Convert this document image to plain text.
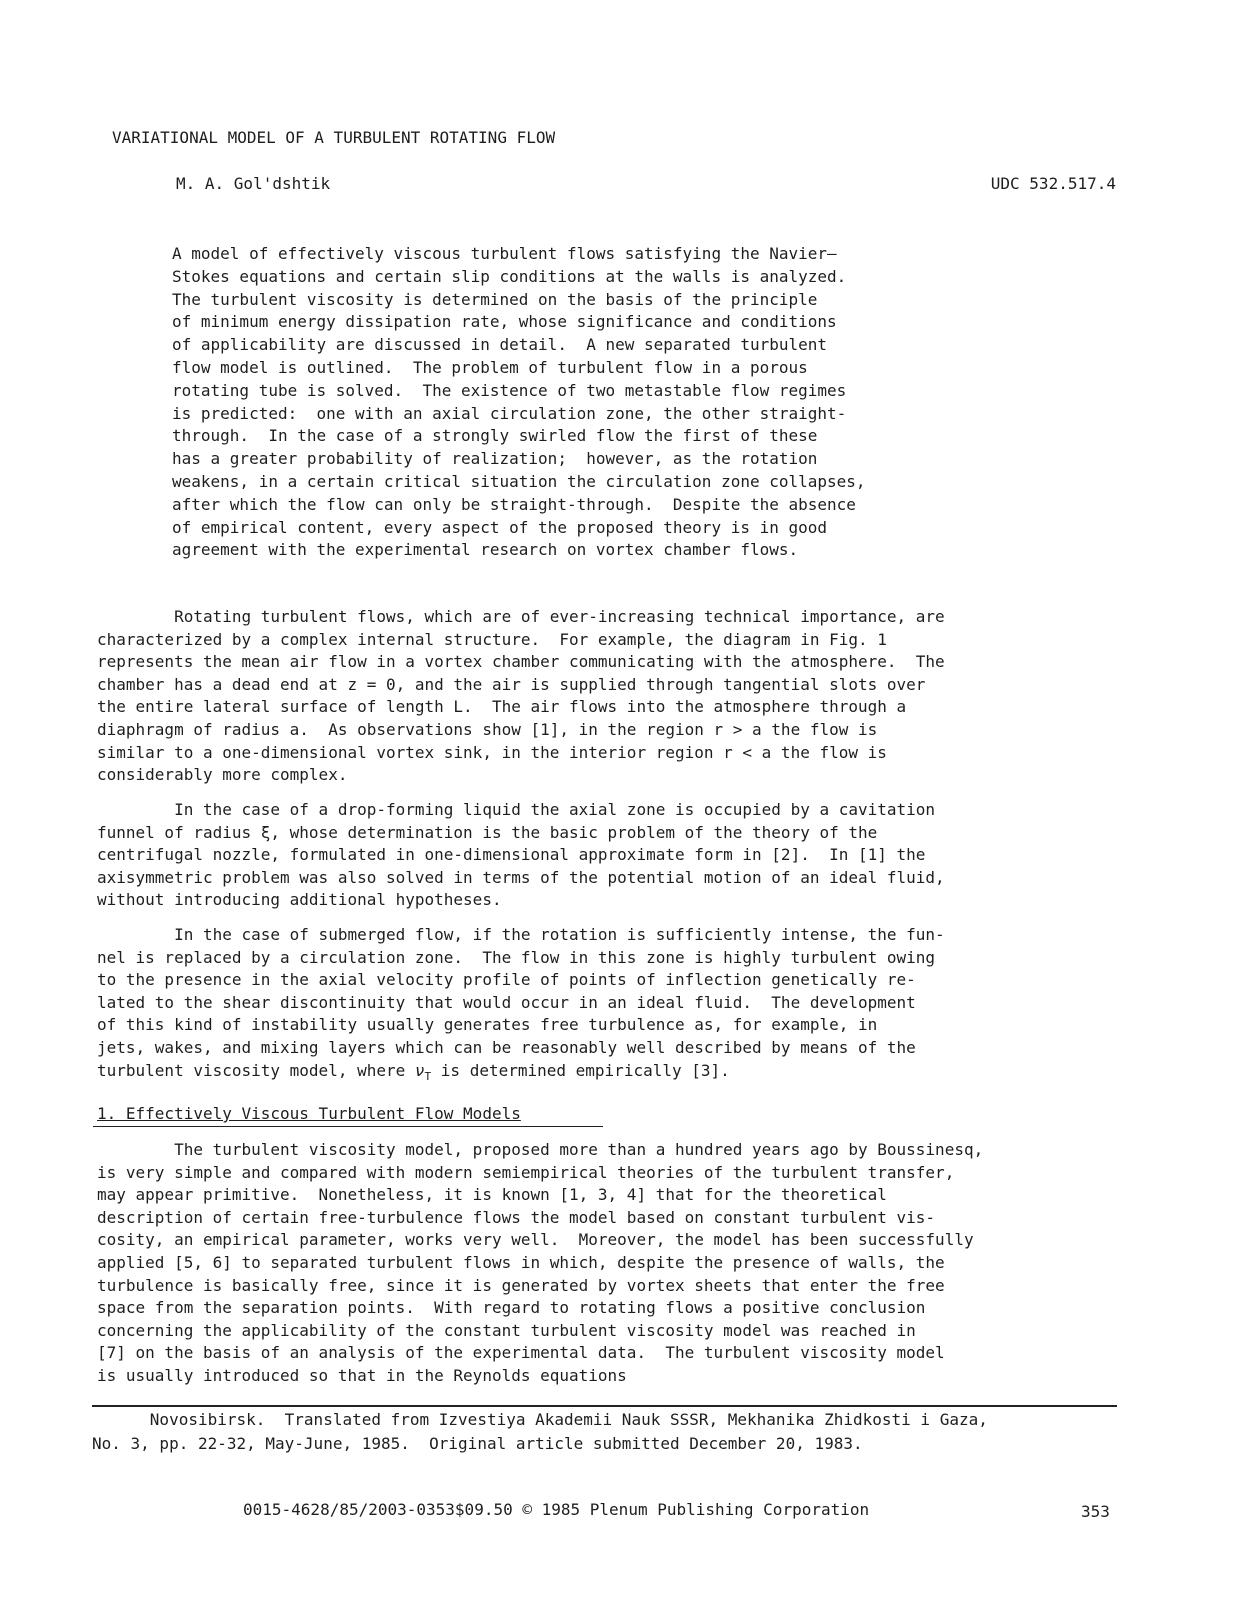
VARIATIONAL MODEL OF A TURBULENT ROTATING FLOW
M. A. Gol'dshtik	UDC 532.517.4
A model of effectively viscous turbulent flows satisfying the Navier—
Stokes equations and certain slip conditions at the walls is analyzed.
The turbulent viscosity is determined on the basis of the principle
of minimum energy dissipation rate, whose significance and conditions
of applicability are discussed in detail.  A new separated turbulent
flow model is outlined.  The problem of turbulent flow in a porous
rotating tube is solved.  The existence of two metastable flow regimes
is predicted:  one with an axial circulation zone, the other straight-
through.  In the case of a strongly swirled flow the first of these
has a greater probability of realization;  however, as the rotation
weakens, in a certain critical situation the circulation zone collapses,
after which the flow can only be straight-through.  Despite the absence
of empirical content, every aspect of the proposed theory is in good
agreement with the experimental research on vortex chamber flows.
Rotating turbulent flows, which are of ever-increasing technical importance, are
characterized by a complex internal structure.  For example, the diagram in Fig. 1
represents the mean air flow in a vortex chamber communicating with the atmosphere.  The
chamber has a dead end at z = 0, and the air is supplied through tangential slots over
the entire lateral surface of length L.  The air flows into the atmosphere through a
diaphragm of radius a.  As observations show [1], in the region r > a the flow is
similar to a one-dimensional vortex sink, in the interior region r < a the flow is
considerably more complex.
In the case of a drop-forming liquid the axial zone is occupied by a cavitation
funnel of radius ξ, whose determination is the basic problem of the theory of the
centrifugal nozzle, formulated in one-dimensional approximate form in [2].  In [1] the
axisymmetric problem was also solved in terms of the potential motion of an ideal fluid,
without introducing additional hypotheses.
In the case of submerged flow, if the rotation is sufficiently intense, the fun-
nel is replaced by a circulation zone.  The flow in this zone is highly turbulent owing
to the presence in the axial velocity profile of points of inflection genetically re-
lated to the shear discontinuity that would occur in an ideal fluid.  The development
of this kind of instability usually generates free turbulence as, for example, in
jets, wakes, and mixing layers which can be reasonably well described by means of the
turbulent viscosity model, where $\nu_T$ is determined empirically [3].
1. Effectively Viscous Turbulent Flow Models
The turbulent viscosity model, proposed more than a hundred years ago by Boussinesq,
is very simple and compared with modern semiempirical theories of the turbulent transfer,
may appear primitive.  Nonetheless, it is known [1, 3, 4] that for the theoretical
description of certain free-turbulence flows the model based on constant turbulent vis-
cosity, an empirical parameter, works very well.  Moreover, the model has been successfully
applied [5, 6] to separated turbulent flows in which, despite the presence of walls, the
turbulence is basically free, since it is generated by vortex sheets that enter the free
space from the separation points.  With regard to rotating flows a positive conclusion
concerning the applicability of the constant turbulent viscosity model was reached in
[7] on the basis of an analysis of the experimental data.  The turbulent viscosity model
is usually introduced so that in the Reynolds equations
Novosibirsk.  Translated from Izvestiya Akademii Nauk SSSR, Mekhanika Zhidkosti i Gaza,
No. 3, pp. 22-32, May-June, 1985.  Original article submitted December 20, 1983.
0015-4628/85/2003-0353$09.50 © 1985 Plenum Publishing Corporation	353
